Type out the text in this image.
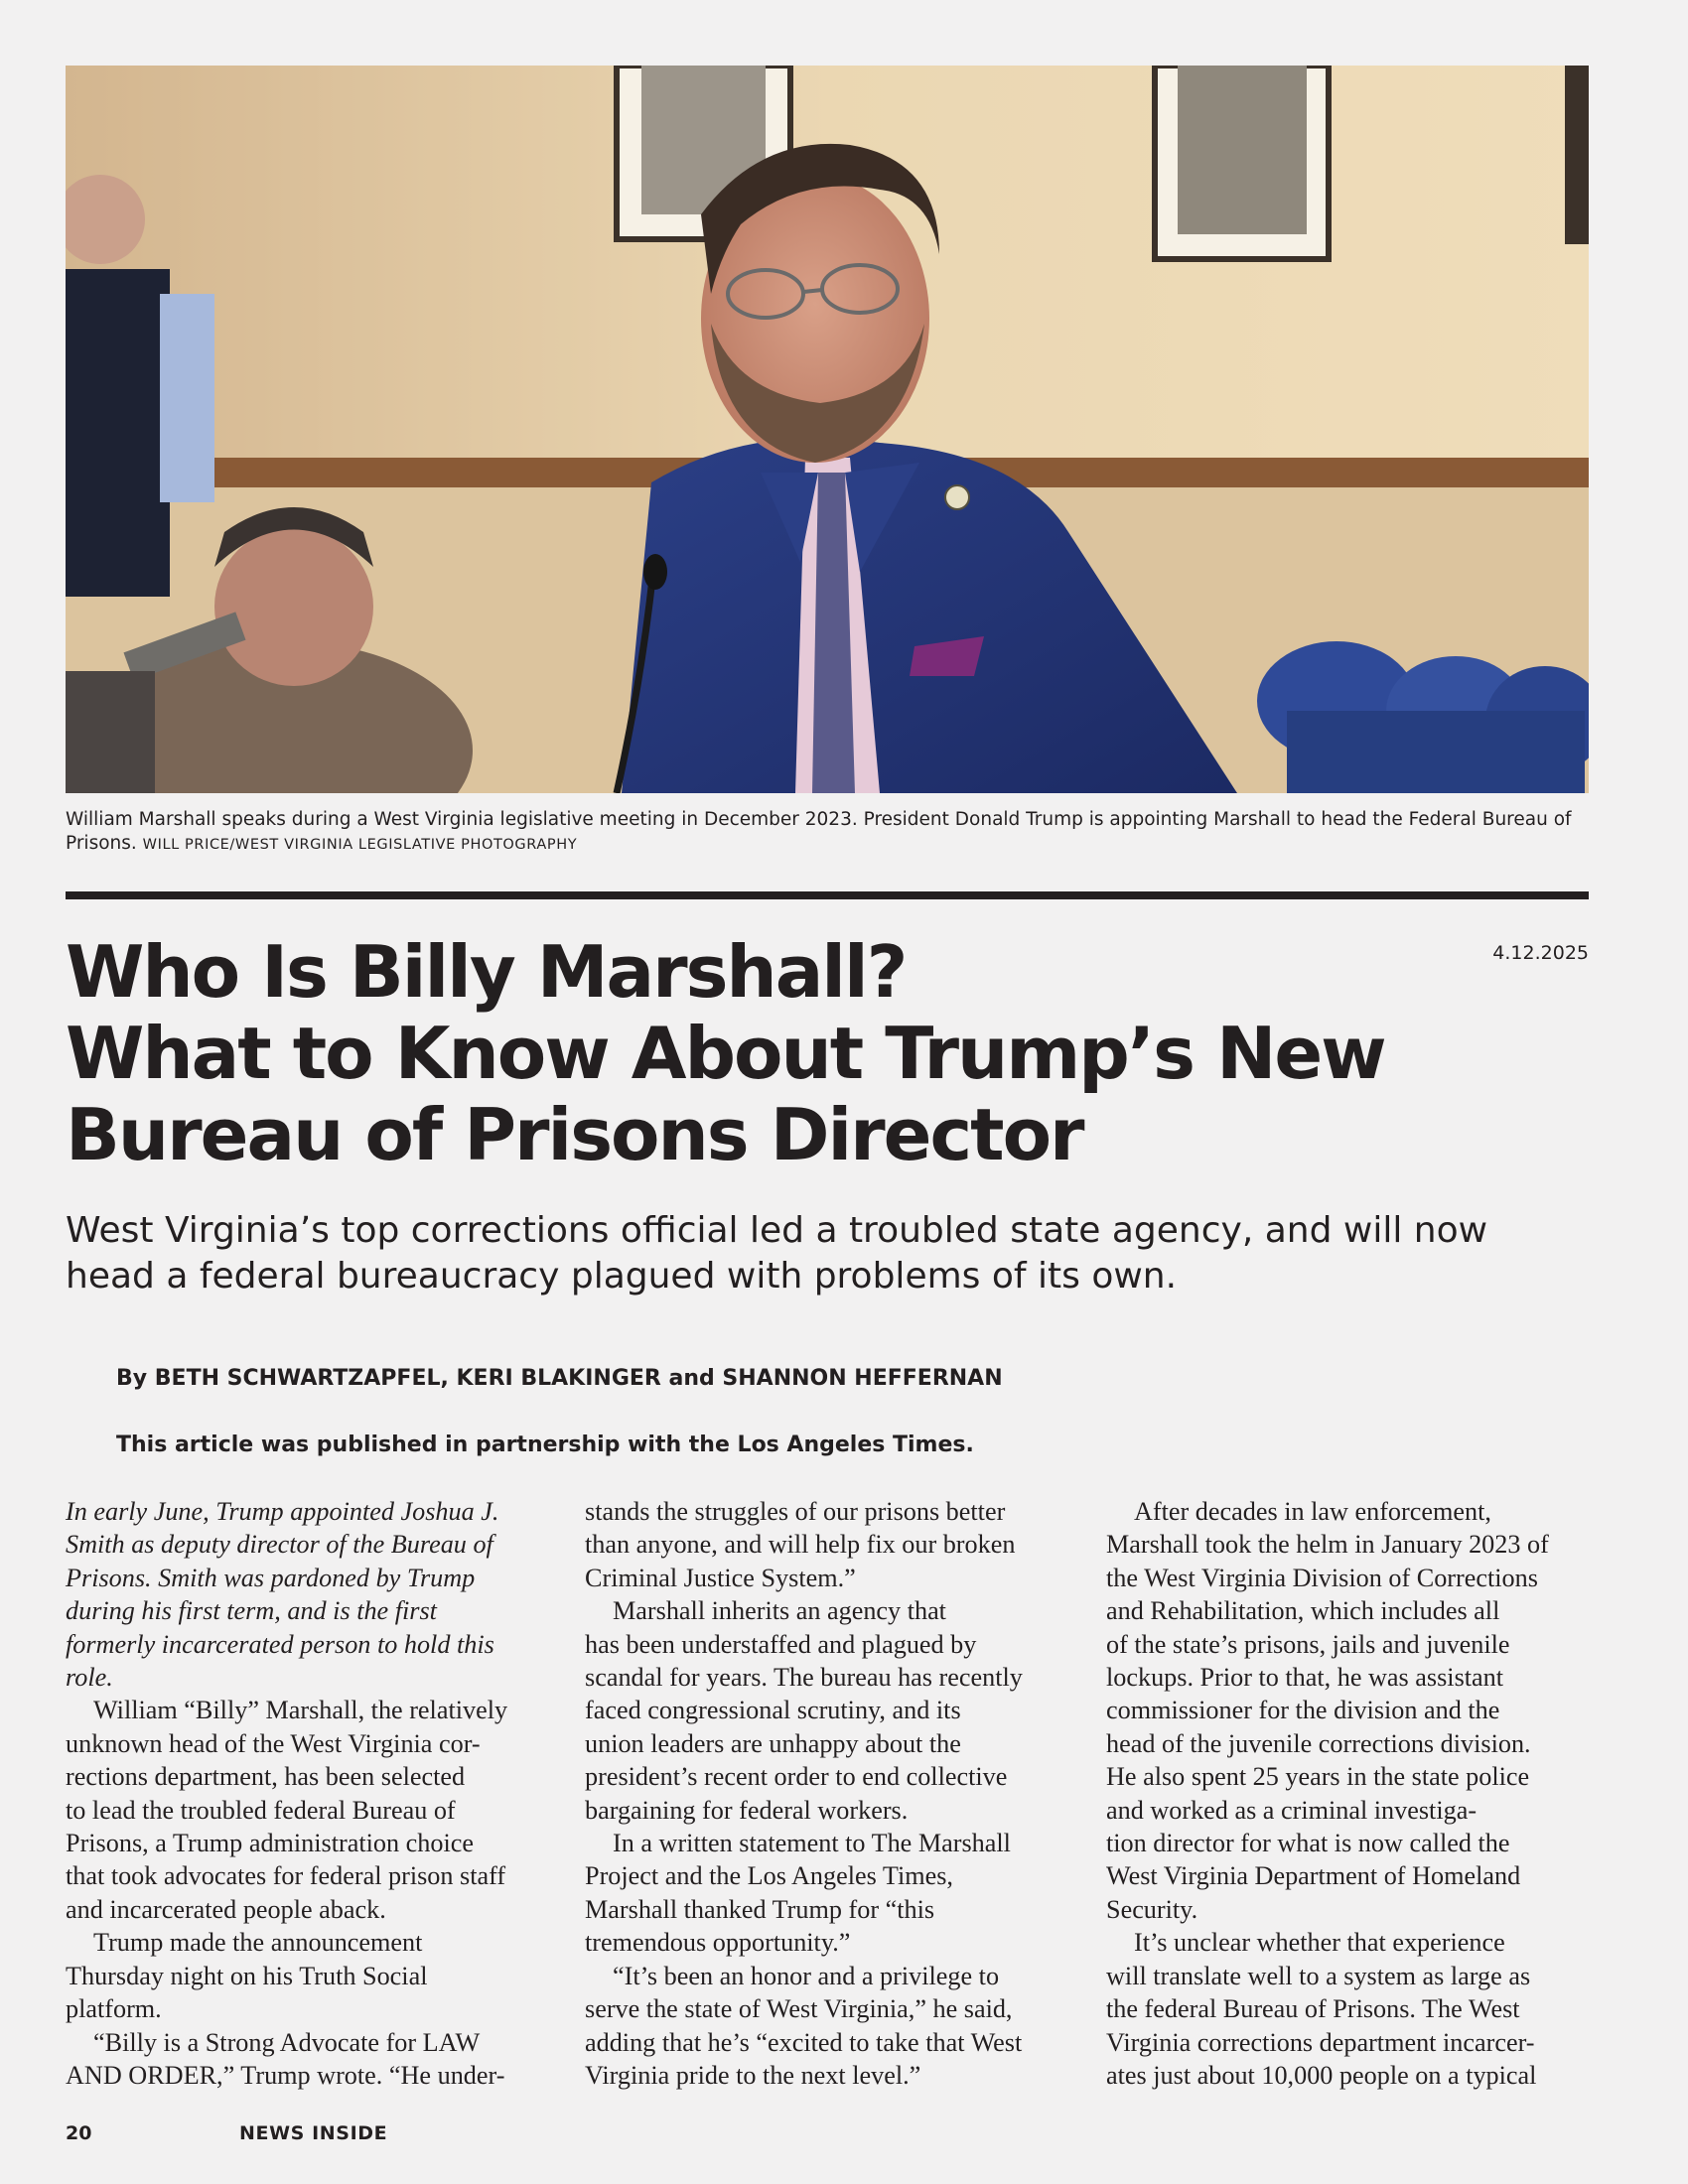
William Marshall speaks during a West Virginia legislative meeting in December 2023. President Donald Trump is appointing Marshall to head the Federal Bureau of Prisons. WILL PRICE/WEST VIRGINIA LEGISLATIVE PHOTOGRAPHY
4.12.2025
Who Is Billy Marshall?
What to Know About Trump’s New
Bureau of Prisons Director
West Virginia’s top corrections official led a troubled state agency, and will now head a federal bureaucracy plagued with problems of its own.
By BETH SCHWARTZAPFEL, KERI BLAKINGER and SHANNON HEFFERNAN
This article was published in partnership with the Los Angeles Times.
In early June, Trump appointed Joshua J.
Smith as deputy director of the Bureau of
Prisons. Smith was pardoned by Trump
during his first term, and is the first
formerly incarcerated person to hold this
role.
William “Billy” Marshall, the relatively
unknown head of the West Virginia cor-
rections department, has been selected
to lead the troubled federal Bureau of
Prisons, a Trump administration choice
that took advocates for federal prison staff
and incarcerated people aback.
Trump made the announcement
Thursday night on his Truth Social
platform.
“Billy is a Strong Advocate for LAW
AND ORDER,” Trump wrote. “He under-
stands the struggles of our prisons better
than anyone, and will help fix our broken
Criminal Justice System.”
Marshall inherits an agency that
has been understaffed and plagued by
scandal for years. The bureau has recently
faced congressional scrutiny, and its
union leaders are unhappy about the
president’s recent order to end collective
bargaining for federal workers.
In a written statement to The Marshall
Project and the Los Angeles Times,
Marshall thanked Trump for “this
tremendous opportunity.”
“It’s been an honor and a privilege to
serve the state of West Virginia,” he said,
adding that he’s “excited to take that West
Virginia pride to the next level.”
After decades in law enforcement,
Marshall took the helm in January 2023 of
the West Virginia Division of Corrections
and Rehabilitation, which includes all
of the state’s prisons, jails and juvenile
lockups. Prior to that, he was assistant
commissioner for the division and the
head of the juvenile corrections division.
He also spent 25 years in the state police
and worked as a criminal investiga-
tion director for what is now called the
West Virginia Department of Homeland
Security.
It’s unclear whether that experience
will translate well to a system as large as
the federal Bureau of Prisons. The West
Virginia corrections department incarcer-
ates just about 10,000 people on a typical
20	NEWS INSIDE
